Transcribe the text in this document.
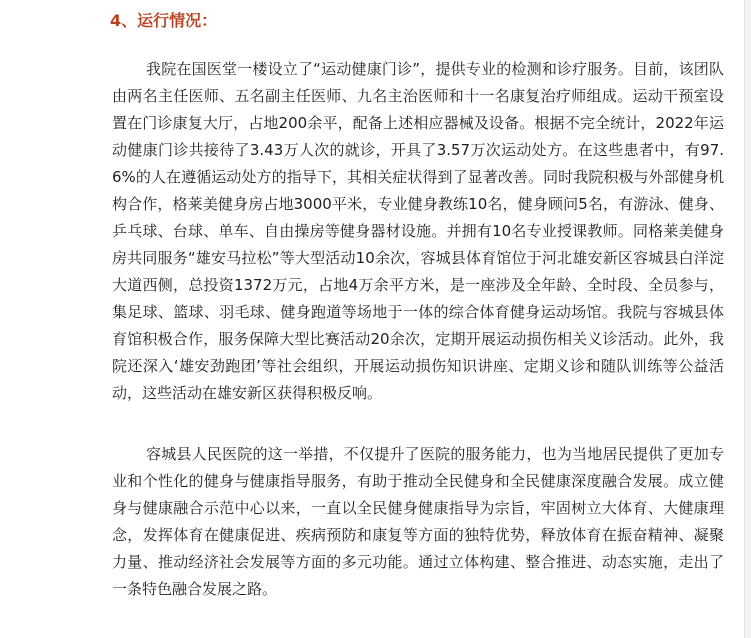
4、运行情况：

我院在国医堂一楼设立了“运动健康门诊”，提供专业的检测和诊疗服务。目前，该团队由两名主任医师、五名副主任医师、九名主治医师和十一名康复治疗师组成。运动干预室设置在门诊康复大厅，占地200余平，配备上述相应器械及设备。根据不完全统计，2022年运动健康门诊共接待了3.43万人次的就诊，开具了3.57万次运动处方。在这些患者中，有97.6%的人在遵循运动处方的指导下，其相关症状得到了显著改善。同时我院积极与外部健身机构合作，格莱美健身房占地3000平米，专业健身教练10名，健身顾问5名，有游泳、健身、乒乓球、台球、单车、自由操房等健身器材设施。并拥有10名专业授课教师。同格莱美健身房共同服务“雄安马拉松”等大型活动10余次，容城县体育馆位于河北雄安新区容城县白洋淀大道西侧，总投资1372万元，占地4万余平方米，是一座涉及全年龄、全时段、全员参与，集足球、篮球、羽毛球、健身跑道等场地于一体的综合体育健身运动场馆。我院与容城县体育馆积极合作，服务保障大型比赛活动20余次，定期开展运动损伤相关义诊活动。此外，我院还深入‘雄安劲跑团’等社会组织，开展运动损伤知识讲座、定期义诊和随队训练等公益活动，这些活动在雄安新区获得积极反响。

容城县人民医院的这一举措，不仅提升了医院的服务能力，也为当地居民提供了更加专业和个性化的健身与健康指导服务，有助于推动全民健身和全民健康深度融合发展。成立健身与健康融合示范中心以来，一直以全民健身健康指导为宗旨，牢固树立大体育、大健康理念，发挥体育在健康促进、疾病预防和康复等方面的独特优势，释放体育在振奋精神、凝聚力量、推动经济社会发展等方面的多元功能。通过立体构建、整合推进、动态实施，走出了一条特色融合发展之路。
